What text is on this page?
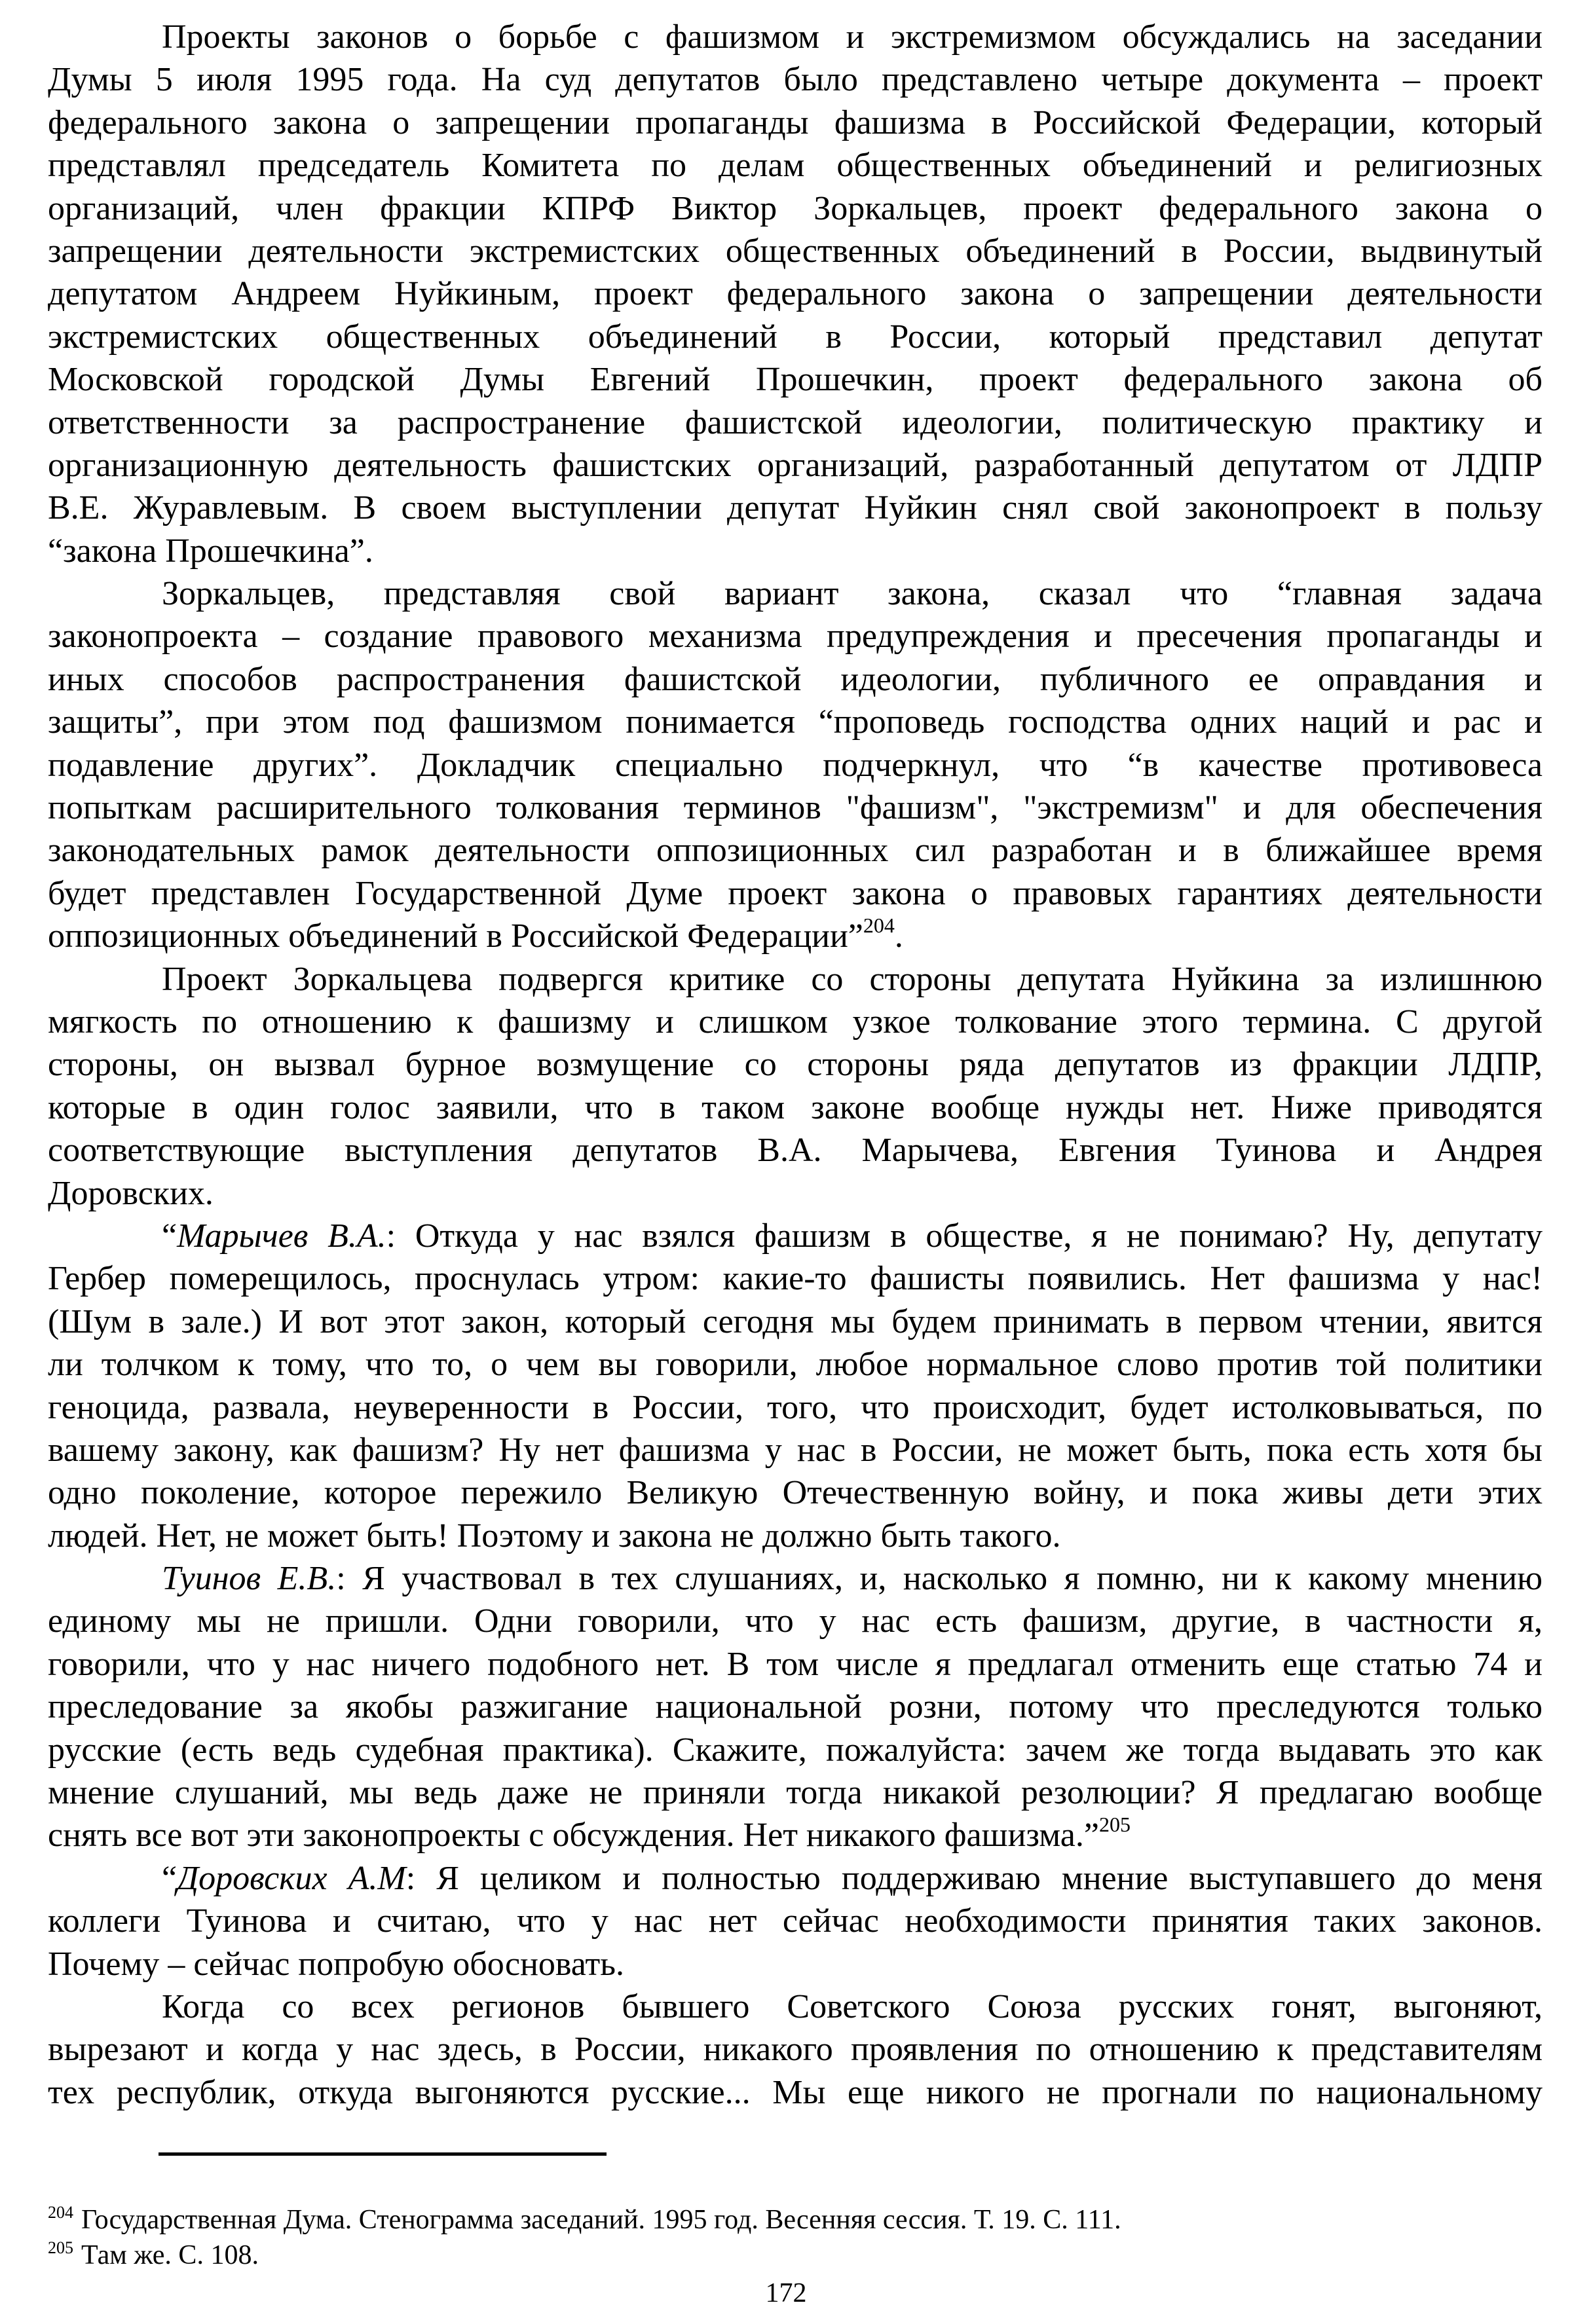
Проекты законов о борьбе с фашизмом и экстремизмом обсуждались на заседании
Думы 5 июля 1995 года. На суд депутатов было представлено четыре документа – проект
федерального закона о запрещении пропаганды фашизма в Российской Федерации, который
представлял председатель Комитета по делам общественных объединений и религиозных
организаций, член фракции КПРФ Виктор Зоркальцев, проект федерального закона о
запрещении деятельности экстремистских общественных объединений в России, выдвинутый
депутатом Андреем Нуйкиным, проект федерального закона о запрещении деятельности
экстремистских общественных объединений в России, который представил депутат
Московской городской Думы Евгений Прошечкин, проект федерального закона об
ответственности за распространение фашистской идеологии, политическую практику и
организационную деятельность фашистских организаций, разработанный депутатом от ЛДПР
В.Е. Журавлевым. В своем выступлении депутат Нуйкин снял свой законопроект в пользу
“закона Прошечкина”.
Зоркальцев, представляя свой вариант закона, сказал что “главная задача
законопроекта – создание правового механизма предупреждения и пресечения пропаганды и
иных способов распространения фашистской идеологии, публичного ее оправдания и
защиты”, при этом под фашизмом понимается “проповедь господства одних наций и рас и
подавление других”. Докладчик специально подчеркнул, что “в качестве противовеса
попыткам расширительного толкования терминов "фашизм", "экстремизм" и для обеспечения
законодательных рамок деятельности оппозиционных сил разработан и в ближайшее время
будет представлен Государственной Думе проект закона о правовых гарантиях деятельности
оппозиционных объединений в Российской Федерации”$^{204}$.
Проект Зоркальцева подвергся критике со стороны депутата Нуйкина за излишнюю
мягкость по отношению к фашизму и слишком узкое толкование этого термина. С другой
стороны, он вызвал бурное возмущение со стороны ряда депутатов из фракции ЛДПР,
которые в один голос заявили, что в таком законе вообще нужды нет. Ниже приводятся
соответствующие выступления депутатов В.А. Марычева, Евгения Туинова и Андрея
Доровских.
“Марычев В.А.: Откуда у нас взялся фашизм в обществе, я не понимаю? Ну, депутату
Гербер померещилось, проснулась утром: какие-то фашисты появились. Нет фашизма у нас!
(Шум в зале.) И вот этот закон, который сегодня мы будем принимать в первом чтении, явится
ли толчком к тому, что то, о чем вы говорили, любое нормальное слово против той политики
геноцида, развала, неуверенности в России, того, что происходит, будет истолковываться, по
вашему закону, как фашизм? Ну нет фашизма у нас в России, не может быть, пока есть хотя бы
одно поколение, которое пережило Великую Отечественную войну, и пока живы дети этих
людей. Нет, не может быть! Поэтому и закона не должно быть такого.
Туинов Е.В.: Я участвовал в тех слушаниях, и, насколько я помню, ни к какому мнению
единому мы не пришли. Одни говорили, что у нас есть фашизм, другие, в частности я,
говорили, что у нас ничего подобного нет. В том числе я предлагал отменить еще статью 74 и
преследование за якобы разжигание национальной розни, потому что преследуются только
русские (есть ведь судебная практика). Скажите, пожалуйста: зачем же тогда выдавать это как
мнение слушаний, мы ведь даже не приняли тогда никакой резолюции? Я предлагаю вообще
снять все вот эти законопроекты с обсуждения. Нет никакого фашизма.”$^{205}$
“Доровских А.М: Я целиком и полностью поддерживаю мнение выступавшего до меня
коллеги Туинова и считаю, что у нас нет сейчас необходимости принятия таких законов.
Почему – сейчас попробую обосновать.
Когда со всех регионов бывшего Советского Союза русских гонят, выгоняют,
вырезают и когда у нас здесь, в России, никакого проявления по отношению к представителям
тех республик, откуда выгоняются русские... Мы еще никого не прогнали по национальному
$^{204}$ Государственная Дума. Стенограмма заседаний. 1995 год. Весенняя сессия. Т. 19. С. 111.
$^{205}$ Там же. С. 108.
172
